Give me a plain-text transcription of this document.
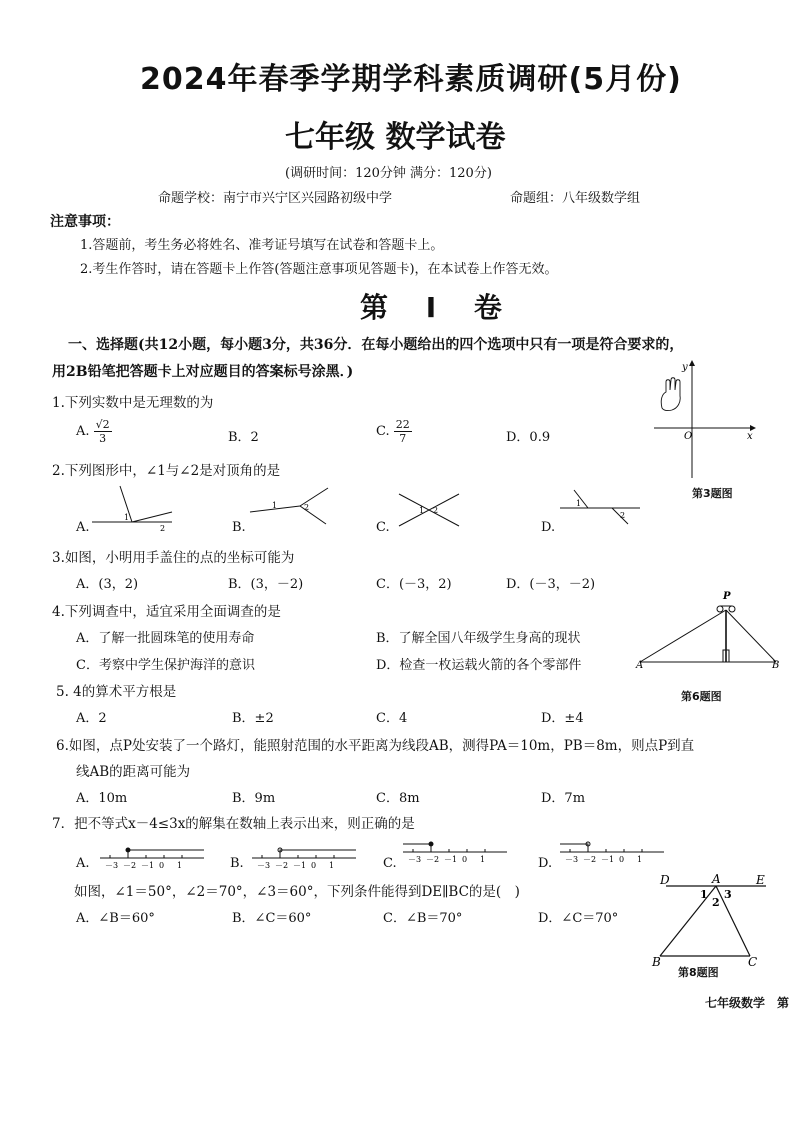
2024年春季学期学科素质调研(5月份)
七年级 数学试卷
(调研时间：120分钟 满分：120分)
命题学校：南宁市兴宁区兴园路初级中学	命题组：八年级数学组
注意事项：
1.答题前，考生务必将姓名、准考证号填写在试卷和答题卡上。
2.考生作答时，请在答题卡上作答(答题注意事项见答题卡)，在本试卷上作答无效。
第 Ⅰ 卷
一、选择题(共12小题，每小题3分，共36分．在每小题给出的四个选项中只有一项是符合要求的，
用2B铅笔把答题卡上对应题目的答案标号涂黑．)
1.下列实数中是无理数的为
A. $\frac{√2}{3}$	B．2	C. $\frac{22}{7}$	D．0.9	x
y
O
第3题图
2.下列图形中，∠1与∠2是对顶角的是
A.
1
2	B.
1	2
C.
1 2
D.
1
2
3.如图，小明用手盖住的点的坐标可能为
A．(3，2)	B．(3，－2)	C．(－3，2)	D．(－3，－2)
4.下列调查中，适宜采用全面调查的是
A．了解一批圆珠笔的使用寿命	B．了解全国八年级学生身高的现状
C．考察中学生保护海洋的意识	D．检查一枚运载火箭的各个零部件
P
A	B
第6题图
5. 4的算术平方根是
A．2	B．±2	C．4	D．±4
6.如图，点P处安装了一个路灯，能照射范围的水平距离为线段AB，测得PA＝10m，PB＝8m，则点P到直
线AB的距离可能为
A．10m	B．9m	C．8m	D．7m
7．把不等式x－4≤3x的解集在数轴上表示出来，则正确的是
A. －3 －2 －1 0 1	B. －3 －2 －1 0 1	C. －3 －2 －1 0 1	D. －3 －2 －1 0 1
如图，∠1＝50°，∠2＝70°，∠3＝60°，下列条件能得到DE∥BC的是(　)
A．∠B＝60°	B．∠C＝60°	C．∠B＝70°	D．∠C＝70°
D	A	E
B	C
1
2
3
第8题图
七年级数学　第
